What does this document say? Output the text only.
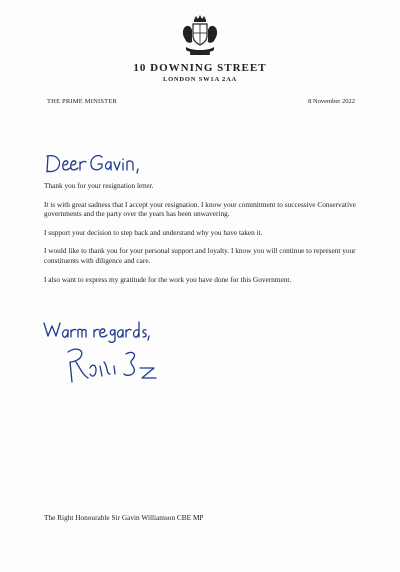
10 DOWNING STREET
LONDON SW1A 2AA
THE PRIME MINISTER	8 November 2022

Thank you for your resignation letter.

It is with great sadness that I accept your resignation. I know your commitment to successive Conservative governments and the party over the years has been unwavering.

I support your decision to step back and understand why you have taken it.

I would like to thank you for your personal support and loyalty. I know you will continue to represent your constituents with diligence and care.

I also want to express my gratitude for the work you have done for this Government.

The Right Honourable Sir Gavin Williamson CBE MP
